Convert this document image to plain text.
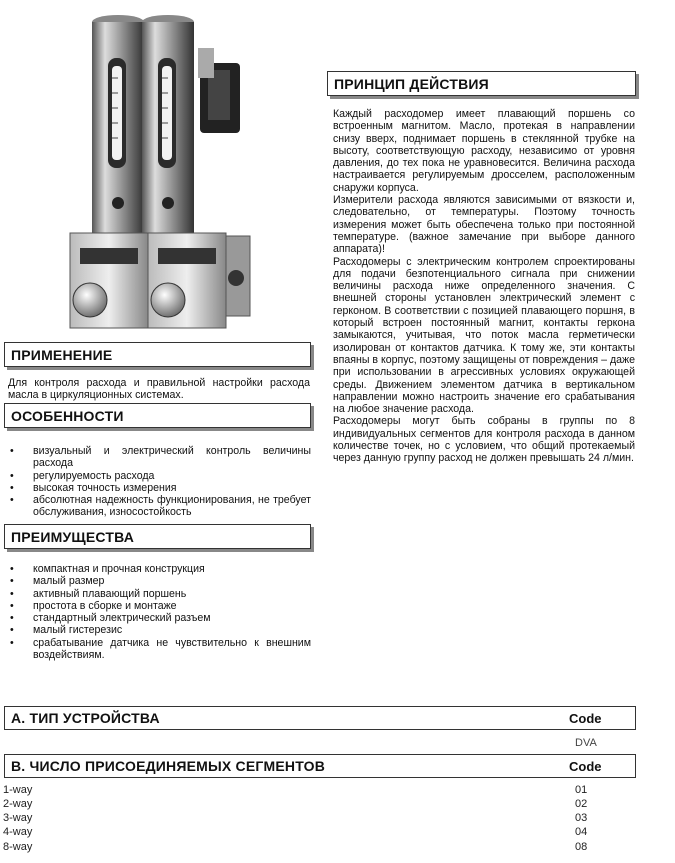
ПРИНЦИП ДЕЙСТВИЯ
Каждый расходомер имеет плавающий поршень со встроенным магнитом. Масло, протекая в направлении снизу вверх, поднимает поршень в стеклянной трубке на высоту, соответствующую расходу, независимо от уровня давления, до тех пока не уравновесится. Величина расхода настраивается регулируемым дросселем, расположенным снаружи корпуса.
Измерители расхода являются зависимыми от вязкости и, следовательно, от температуры. Поэтому точность измерения может быть обеспечена только при постоянной температуре. (важное замечание при выборе данного аппарата)!
Расходомеры с электрическим контролем спроектированы для подачи безпотенциального сигнала при снижении величины расхода ниже определенного значения. С внешней стороны установлен электрический элемент с герконом. В соответствии с позицией плавающего поршня, в который встроен постоянный магнит, контакты геркона замыкаются, учитывая, что поток масла герметически изолирован от контактов датчика. К тому же, эти контакты впаяны в корпус, поэтому защищены от повреждения – даже при использовании в агрессивных условиях окружающей среды. Движением элементом датчика в вертикальном направлении можно настроить значение его срабатывания на любое значение расхода.
Расходомеры могут быть собраны в группы по 8 индивидуальных сегментов для контроля расхода в данном количестве точек, но с условием, что общий протекаемый через данную группу расход не должен превышать 24 л/мин.
ПРИМЕНЕНИЕ
Для контроля расхода и правильной настройки расхода масла в циркуляционных системах.
ОСОБЕННОСТИ
• визуальный и электрический контроль величины расхода
• регулируемость расхода
• высокая точность измерения
• абсолютная надежность функционирования, не требует обслуживания, износостойкость
ПРЕИМУЩЕСТВА
• компактная и прочная конструкция
• малый размер
• активный плавающий поршень
• простота в сборке и монтаже
• стандартный электрический разъем
• малый гистерезис
• срабатывание датчика не чувствительно к внешним воздействиям.
A. ТИП УСТРОЙСТВА	Code
DVA
B. ЧИСЛО ПРИСОЕДИНЯЕМЫХ СЕГМЕНТОВ	Code
1-way	01
2-way	02
3-way	03
4-way	04
8-way	08
